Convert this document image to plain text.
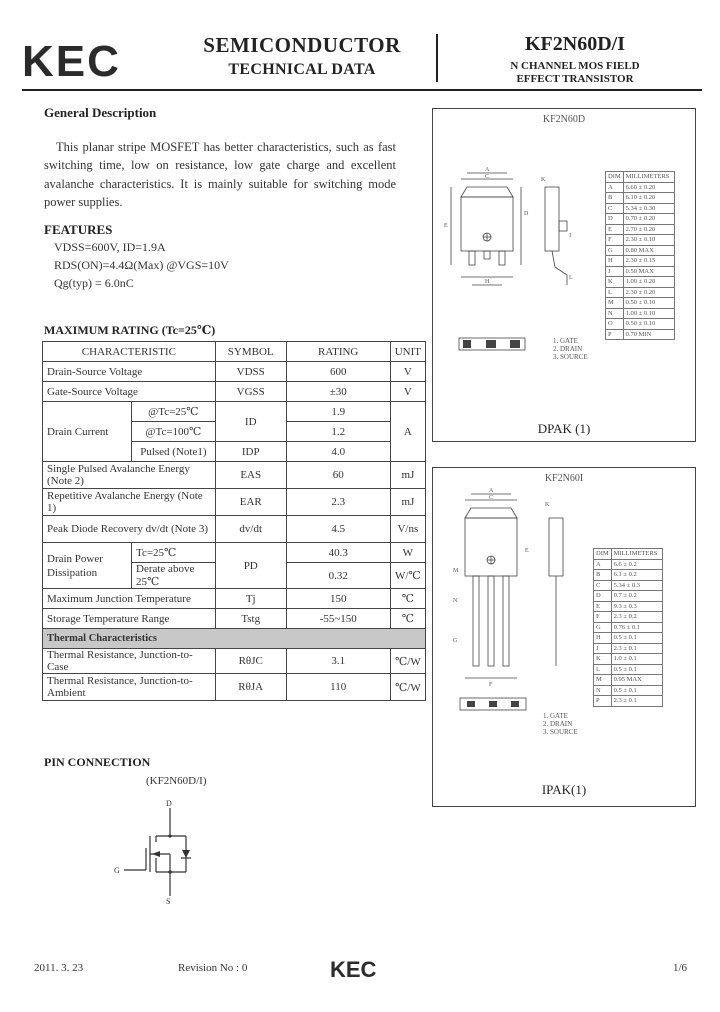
KEC	SEMICONDUCTOR
TECHNICAL DATA
KF2N60D/I
N CHANNEL MOS FIELD
EFFECT TRANSISTOR
General Description
This planar stripe MOSFET has better characteristics, such as fast switching time, low on resistance, low gate charge and excellent avalanche characteristics. It is mainly suitable for switching mode power supplies.
FEATURES
VDSS=600V, ID=1.9A
RDS(ON)=4.4Ω(Max) @VGS=10V
Qg(typ) = 6.0nC
MAXIMUM RATING (Tc=25℃)
CHARACTERISTIC		SYMBOL	RATING	UNIT
Drain-Source Voltage		VDSS	600	V
Gate-Source Voltage		VGSS	±30	V
Drain Current	@Tc=25℃	ID	1.9	A
	@Tc=100℃		1.2	
	Pulsed (Note1)	IDP	4.0	
Single Pulsed Avalanche Energy (Note 2)		EAS	60	mJ
Repetitive Avalanche Energy (Note 1)		EAR	2.3	mJ
Peak Diode Recovery dv/dt (Note 3)		dv/dt	4.5	V/ns
Drain Power
Dissipation	Tc=25℃	PD	40.3	W
	Derate above 25℃		0.32	W/℃
Maximum Junction Temperature		Tj	150	℃
Storage Temperature Range		Tstg	-55~150	℃
Thermal Characteristics				
Thermal Resistance, Junction-to-Case		RθJC	3.1	℃/W
Thermal Resistance, Junction-to-Ambient		RθJA	110	℃/W
PIN CONNECTION
(KF2N60D/I)
D
G
S
KF2N60D
A
C
E
D
K
J
H
L
DIM	MILLIMETERS
A	6.60 ± 0.20
B	6.10 ± 0.20
C	5.34 ± 0.30
D	0.70 ± 0.20
E	2.70 ± 0.20
F	2.30 ± 0.10
G	0.80 MAX
H	2.30 ± 0.15
J	0.50 MAX
K	1.00 ± 0.20
L	2.30 ± 0.20
M	0.50 ± 0.10
N	1.00 ± 0.10
O	0.50 ± 0.10
P	0.70 MIN
1. GATE
2. DRAIN
3. SOURCE
DPAK (1)
KF2N60I
A
C
M
N
G
E
K
F
DIM	MILLIMETERS
A	6.6 ± 0.2
B	6.1 ± 0.2
C	5.34 ± 0.3
D	0.7 ± 0.2
E	9.3 ± 0.3
F	2.3 ± 0.2
G	0.76 ± 0.1
H	0.5 ± 0.1
J	2.3 ± 0.1
K	1.0 ± 0.1
L	0.5 ± 0.1
M	0.95 MAX
N	0.5 ± 0.1
P	2.3 ± 0.1
1. GATE
2. DRAIN
3. SOURCE
IPAK(1)
2011. 3. 23	Revision No : 0	KEC	1/6
